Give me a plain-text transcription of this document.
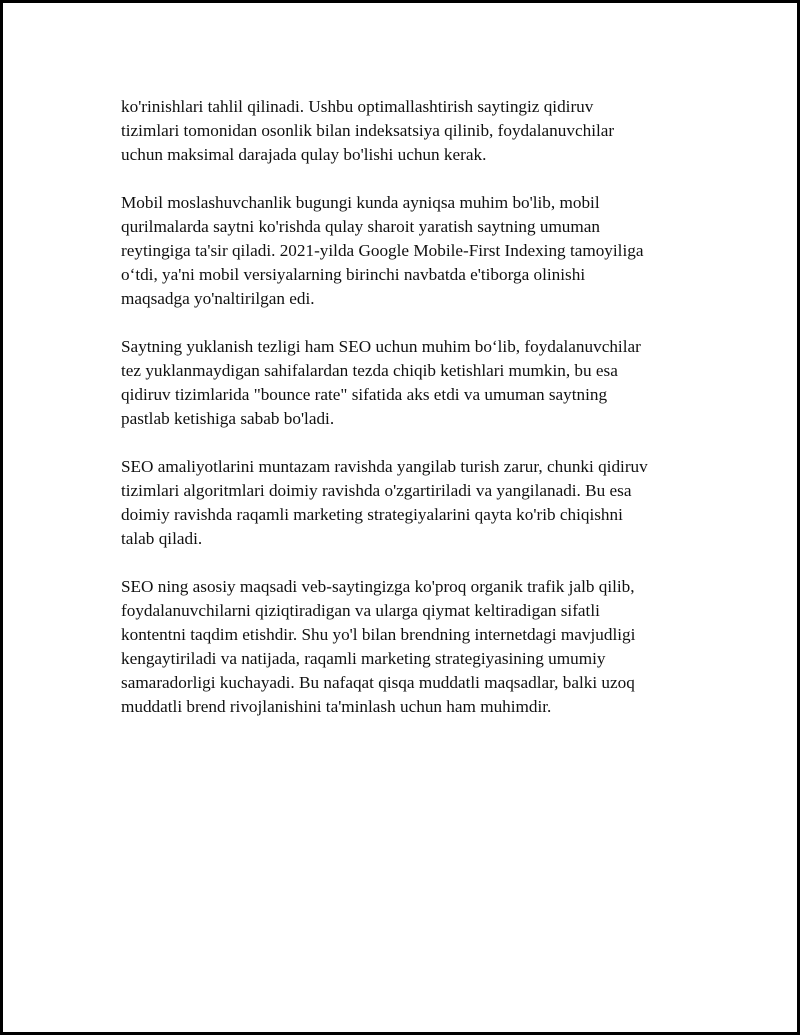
ko'rinishlari tahlil qilinadi. Ushbu optimallashtirish saytingiz qidiruv
tizimlari tomonidan osonlik bilan indeksatsiya qilinib, foydalanuvchilar
uchun maksimal darajada qulay bo'lishi uchun kerak.

Mobil moslashuvchanlik bugungi kunda ayniqsa muhim bo'lib, mobil
qurilmalarda saytni ko'rishda qulay sharoit yaratish saytning umuman
reytingiga ta'sir qiladi. 2021-yilda Google Mobile-First Indexing tamoyiliga
o‘tdi, ya'ni mobil versiyalarning birinchi navbatda e'tiborga olinishi
maqsadga yo'naltirilgan edi.

Saytning yuklanish tezligi ham SEO uchun muhim bo‘lib, foydalanuvchilar
tez yuklanmaydigan sahifalardan tezda chiqib ketishlari mumkin, bu esa
qidiruv tizimlarida "bounce rate" sifatida aks etdi va umuman saytning
pastlab ketishiga sabab bo'ladi.

SEO amaliyotlarini muntazam ravishda yangilab turish zarur, chunki qidiruv
tizimlari algoritmlari doimiy ravishda o'zgartiriladi va yangilanadi. Bu esa
doimiy ravishda raqamli marketing strategiyalarini qayta ko'rib chiqishni
talab qiladi.

SEO ning asosiy maqsadi veb-saytingizga ko'proq organik trafik jalb qilib,
foydalanuvchilarni qiziqtiradigan va ularga qiymat keltiradigan sifatli
kontentni taqdim etishdir. Shu yo'l bilan brendning internetdagi mavjudligi
kengaytiriladi va natijada, raqamli marketing strategiyasining umumiy
samaradorligi kuchayadi. Bu nafaqat qisqa muddatli maqsadlar, balki uzoq
muddatli brend rivojlanishini ta'minlash uchun ham muhimdir.
